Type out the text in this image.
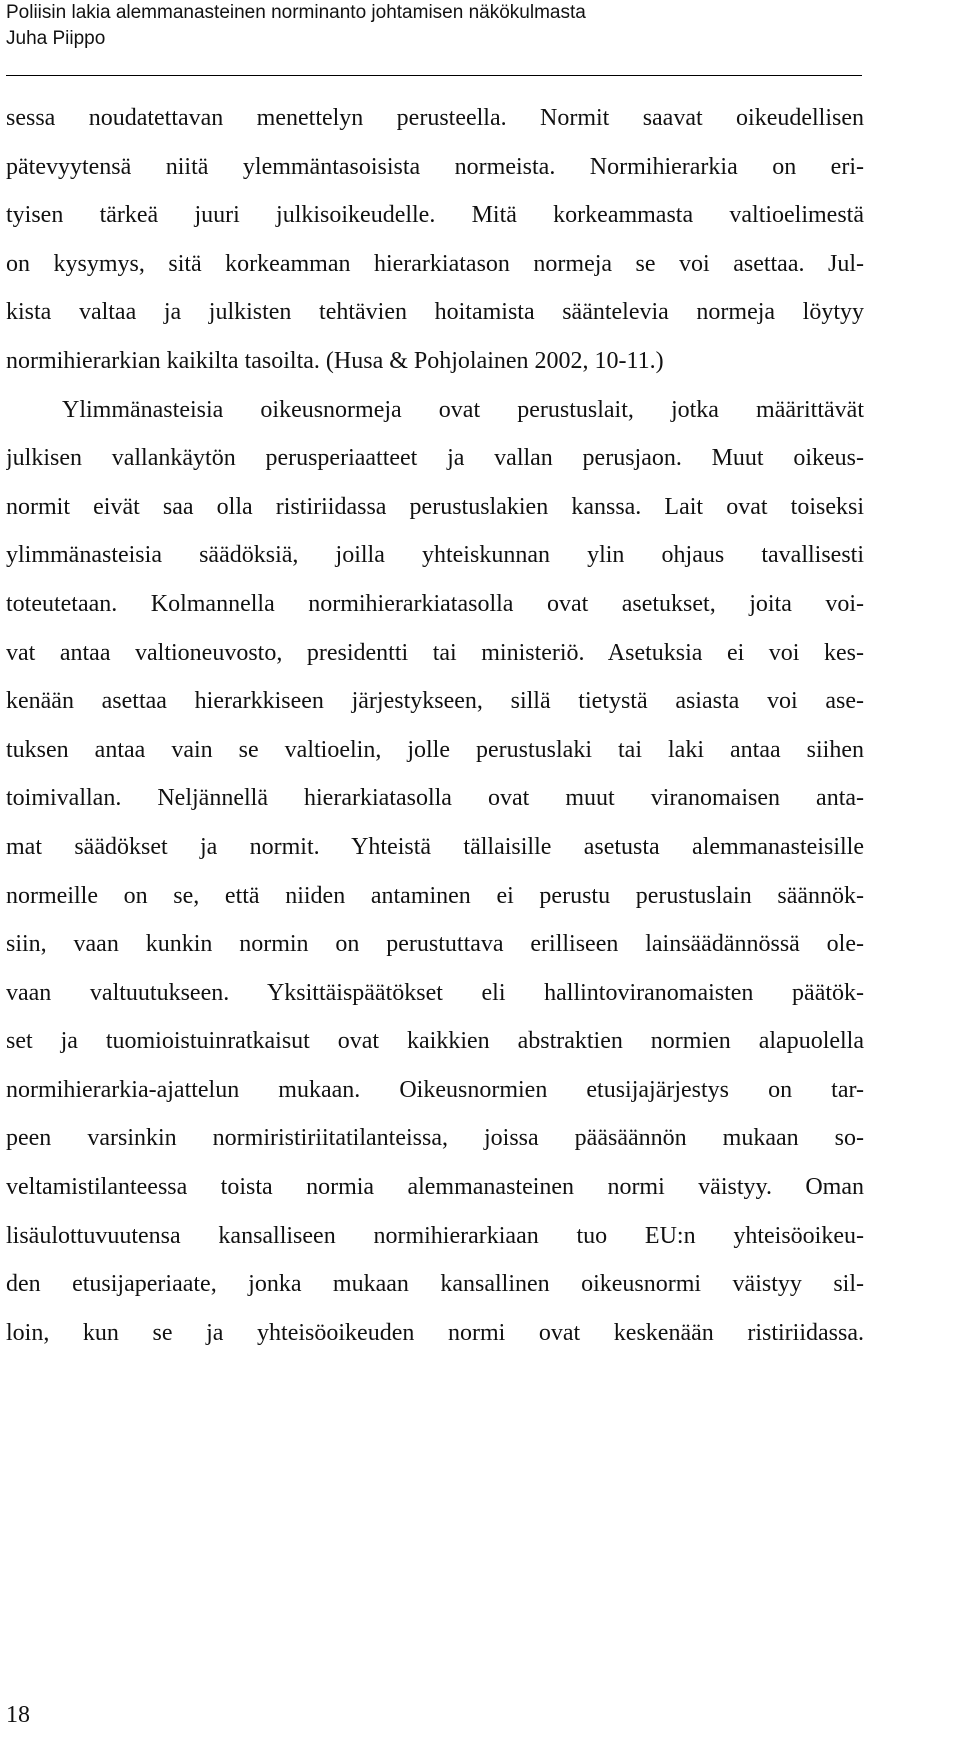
Poliisin lakia alemmanasteinen norminanto johtamisen näkökulmasta
Juha Piippo
sessa noudatettavan menettelyn perusteella. Normit saavat oikeudellisen
pätevyytensä niitä ylemmäntasoisista normeista. Normihierarkia on eri-
tyisen tärkeä juuri julkisoikeudelle. Mitä korkeammasta valtioelimestä
on kysymys, sitä korkeamman hierarkiatason normeja se voi asettaa. Jul-
kista valtaa ja julkisten tehtävien hoitamista sääntelevia normeja löytyy
normihierarkian kaikilta tasoilta. (Husa & Pohjolainen 2002, 10-11.)
Ylimmänasteisia oikeusnormeja ovat perustuslait, jotka määrittävät
julkisen vallankäytön perusperiaatteet ja vallan perusjaon. Muut oikeus-
normit eivät saa olla ristiriidassa perustuslakien kanssa. Lait ovat toiseksi
ylimmänasteisia säädöksiä, joilla yhteiskunnan ylin ohjaus tavallisesti
toteutetaan. Kolmannella normihierarkiatasolla ovat asetukset, joita voi-
vat antaa valtioneuvosto, presidentti tai ministeriö. Asetuksia ei voi kes-
kenään asettaa hierarkkiseen järjestykseen, sillä tietystä asiasta voi ase-
tuksen antaa vain se valtioelin, jolle perustuslaki tai laki antaa siihen
toimivallan. Neljännellä hierarkiatasolla ovat muut viranomaisen anta-
mat säädökset ja normit. Yhteistä tällaisille asetusta alemmanasteisille
normeille on se, että niiden antaminen ei perustu perustuslain säännök-
siin, vaan kunkin normin on perustuttava erilliseen lainsäädännössä ole-
vaan valtuutukseen. Yksittäispäätökset eli hallintoviranomaisten päätök-
set ja tuomioistuinratkaisut ovat kaikkien abstraktien normien alapuolella
normihierarkia-ajattelun mukaan. Oikeusnormien etusijajärjestys on tar-
peen varsinkin normiristiriitatilanteissa, joissa pääsäännön mukaan so-
veltamistilanteessa toista normia alemmanasteinen normi väistyy. Oman
lisäulottuvuutensa kansalliseen normihierarkiaan tuo EU:n yhteisöoikeu-
den etusijaperiaate, jonka mukaan kansallinen oikeusnormi väistyy sil-
loin, kun se ja yhteisöoikeuden normi ovat keskenään ristiriidassa.
18
